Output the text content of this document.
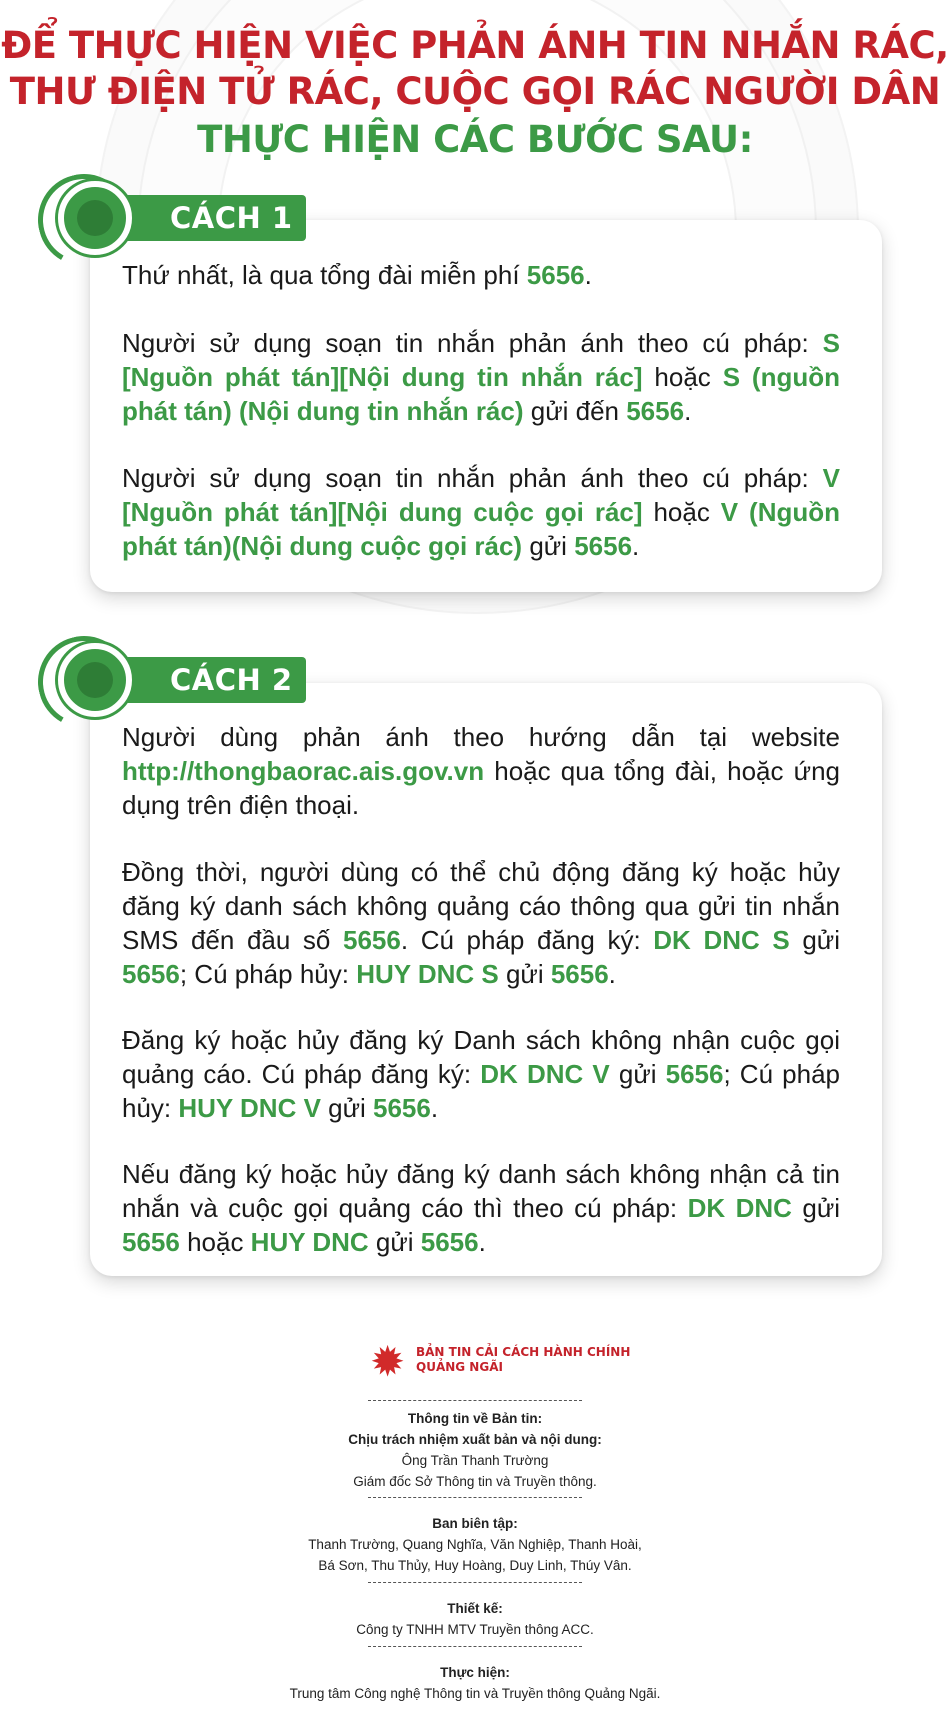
ĐỂ THỰC HIỆN VIỆC PHẢN ÁNH TIN NHẮN RÁC,
THƯ ĐIỆN TỬ RÁC, CUỘC GỌI RÁC NGƯỜI DÂN
THỰC HIỆN CÁC BƯỚC SAU:
CÁCH 1
Thứ nhất, là qua tổng đài miễn phí 5656.
Người sử dụng soạn tin nhắn phản ánh theo cú pháp: S [Nguồn phát tán][Nội dung tin nhắn rác] hoặc S (nguồn phát tán) (Nội dung tin nhắn rác) gửi đến 5656.
Người sử dụng soạn tin nhắn phản ánh theo cú pháp: V [Nguồn phát tán][Nội dung cuộc gọi rác] hoặc V (Nguồn phát tán)(Nội dung cuộc gọi rác) gửi 5656.
CÁCH 2
Người dùng phản ánh theo hướng dẫn tại website http://thongbaorac.ais.gov.vn hoặc qua tổng đài, hoặc ứng dụng trên điện thoại.
Đồng thời, người dùng có thể chủ động đăng ký hoặc hủy đăng ký danh sách không quảng cáo thông qua gửi tin nhắn SMS đến đầu số 5656. Cú pháp đăng ký: DK DNC S gửi 5656; Cú pháp hủy: HUY DNC S gửi 5656.
Đăng ký hoặc hủy đăng ký Danh sách không nhận cuộc gọi quảng cáo. Cú pháp đăng ký: DK DNC V gửi 5656; Cú pháp hủy: HUY DNC V gửi 5656.
Nếu đăng ký hoặc hủy đăng ký danh sách không nhận cả tin nhắn và cuộc gọi quảng cáo thì theo cú pháp: DK DNC gửi 5656 hoặc HUY DNC gửi 5656.
✹ BẢN TIN CẢI CÁCH HÀNH CHÍNH
QUẢNG NGÃI
Thông tin về Bản tin:
Chịu trách nhiệm xuất bản và nội dung:
Ông Trần Thanh Trường
Giám đốc Sở Thông tin và Truyền thông.
Ban biên tập:
Thanh Trường, Quang Nghĩa, Văn Nghiệp, Thanh Hoài,
Bá Sơn, Thu Thủy, Huy Hoàng, Duy Linh, Thúy Vân.
Thiết kế:
Công ty TNHH MTV Truyền thông ACC.
Thực hiện:
Trung tâm Công nghệ Thông tin và Truyền thông Quảng Ngãi.
